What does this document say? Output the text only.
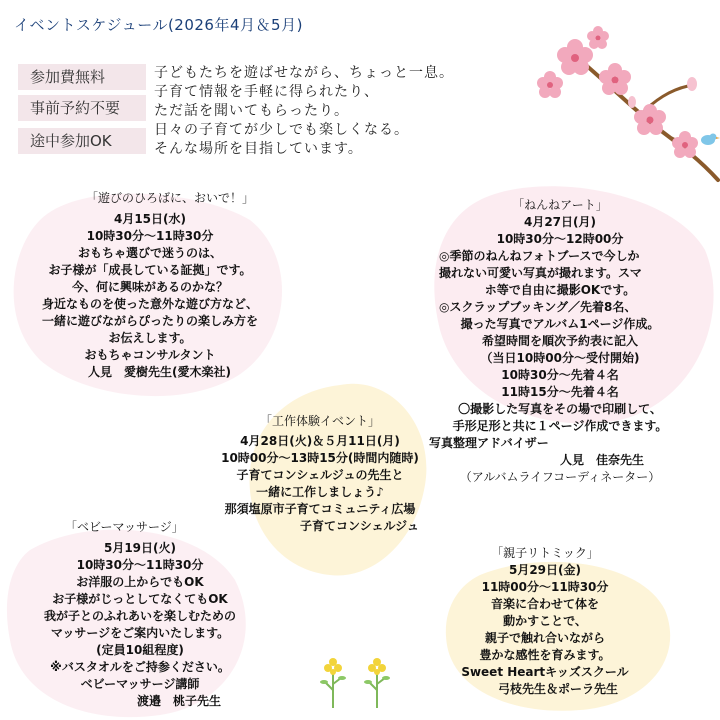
イベントスケジュール(2026年4月＆5月)
参加費無料
事前予約不要
途中参加OK
子どもたちを遊ばせながら、ちょっと一息。
子育て情報を手軽に得られたり、
ただ話を聞いてもらったり。
日々の子育てが少しでも楽しくなる。
そんな場所を目指しています。
「遊びのひろばに、おいで！」
4月15日(水)
10時30分～11時30分
おもちゃ選びで迷うのは、
お子様が「成長している証拠」です。
今、何に興味があるのかな？
身近なものを使った意外な遊び方など、
一緒に遊びながらぴったりの楽しみ方を
お伝えします。
おもちゃコンサルタント
人見　愛樹先生(愛木楽社)
「ねんねアート」
4月27日(月)
10時30分～12時00分
◎季節のねんねフォトブースで今しか
撮れない可愛い写真が撮れます。スマ
ホ等で自由に撮影OKです。
◎スクラップブッキング／先着8名、
撮った写真でアルバム1ページ作成。
希望時間を順次予約表に記入
（当日10時00分～受付開始)
10時30分～先着４名
11時15分～先着４名
〇撮影した写真をその場で印刷して、
手形足形と共に１ページ作成できます。
写真整理アドバイザー
人見　佳奈先生
（アルバムライフコーディネーター）
「工作体験イベント」
4月28日(火)＆５月11日(月)
10時00分～13時15分(時間内随時)
子育てコンシェルジュの先生と
一緒に工作しましょう♪
那須塩原市子育てコミュニティ広場
子育てコンシェルジュ
「ベビーマッサージ」
5月19日(火)
10時30分～11時30分
お洋服の上からでもOK
お子様がじっとしてなくてもOK
我が子とのふれあいを楽しむための
マッサージをご案内いたします。
(定員10組程度)
※バスタオルをご持参ください。
ベビーマッサージ講師
渡邉　桃子先生
「親子リトミック」
5月29日(金)
11時00分～11時30分
音楽に合わせて体を
動かすことで、
親子で触れ合いながら
豊かな感性を育みます。
Sweet Heartキッズスクール
弓枝先生＆ポーラ先生
